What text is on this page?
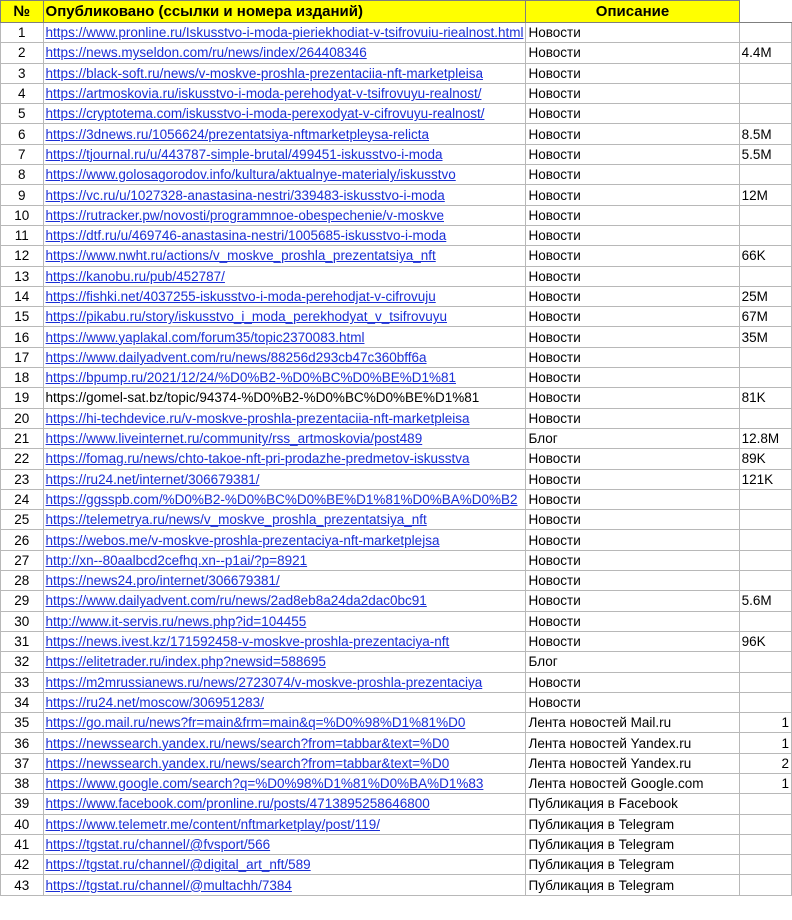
№	Опубликовано (ссылки и номера изданий)	Описание	
1	https://www.pronline.ru/Iskusstvo-i-moda-pieriekhodiat-v-tsifrovuiu-riealnost.html	Новости	
2	https://news.myseldon.com/ru/news/index/264408346	Новости	4.4M
3	https://black-soft.ru/news/v-moskve-proshla-prezentaciia-nft-marketpleisa	Новости	
4	https://artmoskovia.ru/iskusstvo-i-moda-perehodyat-v-tsifrovuyu-realnost/	Новости	
5	https://cryptotema.com/iskusstvo-i-moda-perexodyat-v-cifrovuyu-realnost/	Новости	
6	https://3dnews.ru/1056624/prezentatsiya-nftmarketpleysa-relicta	Новости	8.5M
7	https://tjournal.ru/u/443787-simple-brutal/499451-iskusstvo-i-moda	Новости	5.5M
8	https://www.golosagorodov.info/kultura/aktualnye-materialy/iskusstvo	Новости	
9	https://vc.ru/u/1027328-anastasina-nestri/339483-iskusstvo-i-moda	Новости	12M
10	https://rutracker.pw/novosti/programmnoe-obespechenie/v-moskve	Новости	
11	https://dtf.ru/u/469746-anastasina-nestri/1005685-iskusstvo-i-moda	Новости	
12	https://www.nwht.ru/actions/v_moskve_proshla_prezentatsiya_nft	Новости	66K
13	https://kanobu.ru/pub/452787/	Новости	
14	https://fishki.net/4037255-iskusstvo-i-moda-perehodjat-v-cifrovuju	Новости	25M
15	https://pikabu.ru/story/iskusstvo_i_moda_perekhodyat_v_tsifrovuyu	Новости	67M
16	https://www.yaplakal.com/forum35/topic2370083.html	Новости	35M
17	https://www.dailyadvent.com/ru/news/88256d293cb47c360bff6a	Новости	
18	https://bpump.ru/2021/12/24/%D0%B2-%D0%BC%D0%BE%D1%81	Новости	
19	https://gomel-sat.bz/topic/94374-%D0%B2-%D0%BC%D0%BE%D1%81	Новости	81K
20	https://hi-techdevice.ru/v-moskve-proshla-prezentaciia-nft-marketpleisa	Новости	
21	https://www.liveinternet.ru/community/rss_artmoskovia/post489	Блог	12.8M
22	https://fomag.ru/news/chto-takoe-nft-pri-prodazhe-predmetov-iskusstva	Новости	89K
23	https://ru24.net/internet/306679381/	Новости	121K
24	https://ggsspb.com/%D0%B2-%D0%BC%D0%BE%D1%81%D0%BA%D0%B2	Новости	
25	https://telemetrya.ru/news/v_moskve_proshla_prezentatsiya_nft	Новости	
26	https://webos.me/v-moskve-proshla-prezentaciya-nft-marketplejsa	Новости	
27	http://xn--80aalbcd2cefhq.xn--p1ai/?p=8921	Новости	
28	https://news24.pro/internet/306679381/	Новости	
29	https://www.dailyadvent.com/ru/news/2ad8eb8a24da2dac0bc91	Новости	5.6M
30	http://www.it-servis.ru/news.php?id=104455	Новости	
31	https://news.ivest.kz/171592458-v-moskve-proshla-prezentaciya-nft	Новости	96K
32	https://elitetrader.ru/index.php?newsid=588695	Блог	
33	https://m2mrussianews.ru/news/2723074/v-moskve-proshla-prezentaciya	Новости	
34	https://ru24.net/moscow/306951283/	Новости	
35	https://go.mail.ru/news?fr=main&frm=main&q=%D0%98%D1%81%D0	Лента новостей Mail.ru	1
36	https://newssearch.yandex.ru/news/search?from=tabbar&text=%D0	Лента новостей Yandex.ru	1
37	https://newssearch.yandex.ru/news/search?from=tabbar&text=%D0	Лента новостей Yandex.ru	2
38	https://www.google.com/search?q=%D0%98%D1%81%D0%BA%D1%83	Лента новостей Google.com	1
39	https://www.facebook.com/pronline.ru/posts/4713895258646800	Публикация в Facebook	
40	https://www.telemetr.me/content/nftmarketplay/post/119/	Публикация в Telegram	
41	https://tgstat.ru/channel/@fvsport/566	Публикация в Telegram	
42	https://tgstat.ru/channel/@digital_art_nft/589	Публикация в Telegram	
43	https://tgstat.ru/channel/@multachh/7384	Публикация в Telegram	
